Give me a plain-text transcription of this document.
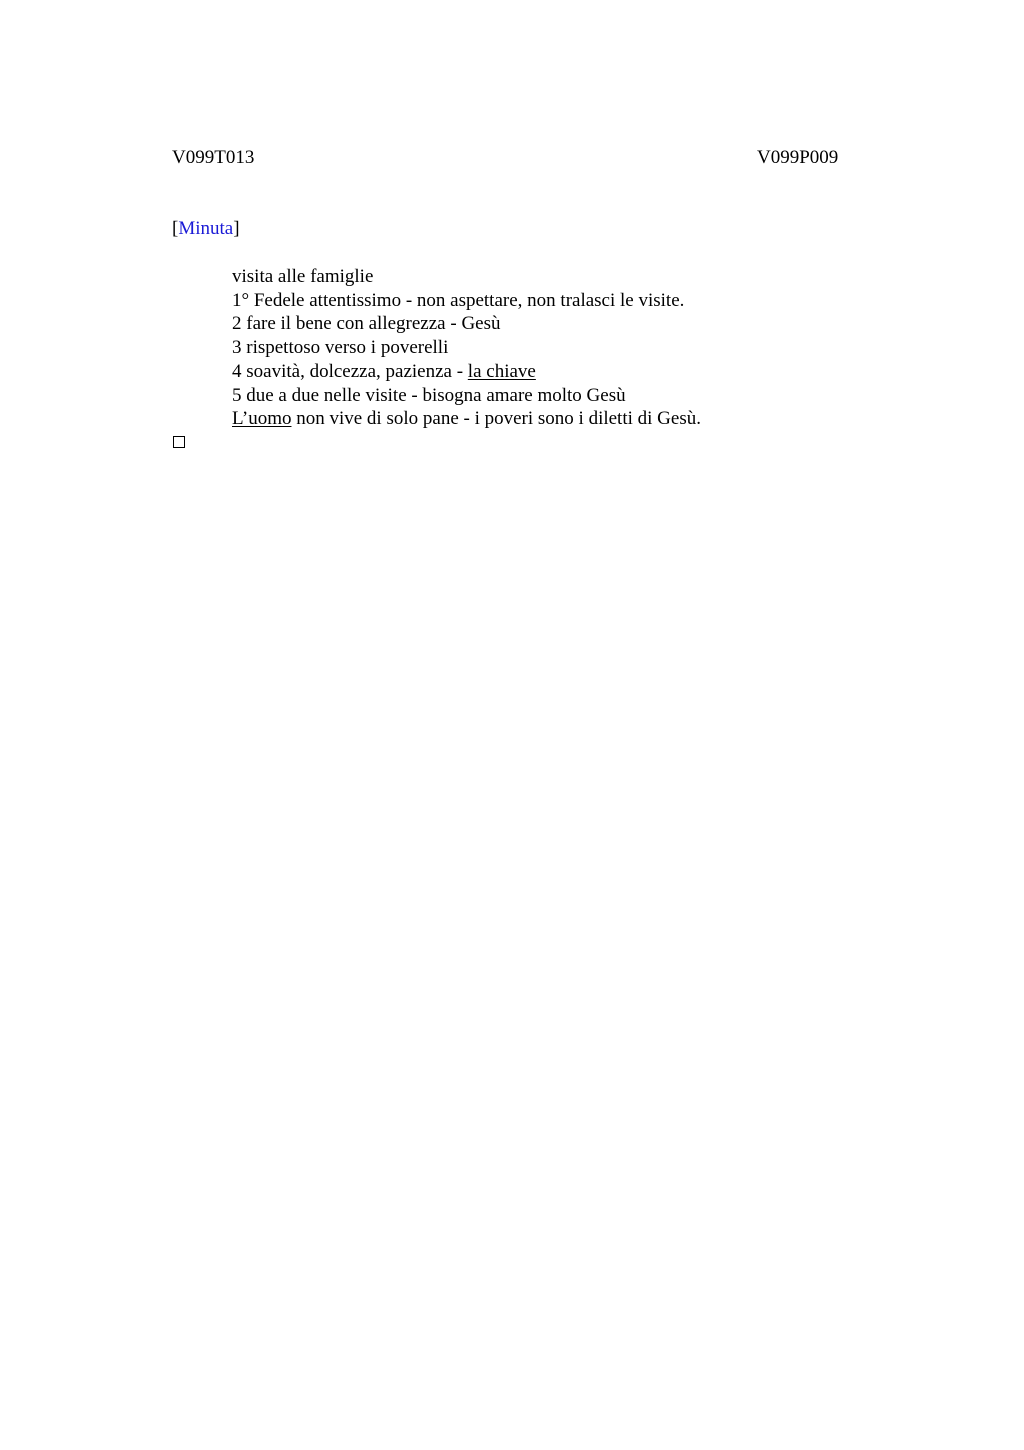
V099T013	V099P009
[Minuta]
visita alle famiglie
1° Fedele attentissimo - non aspettare, non tralasci le visite.
2 fare il bene con allegrezza - Gesù
3 rispettoso verso i poverelli
4 soavità, dolcezza, pazienza - la chiave
5 due a due nelle visite - bisogna amare molto Gesù
L’uomo non vive di solo pane - i poveri sono i diletti di Gesù.
